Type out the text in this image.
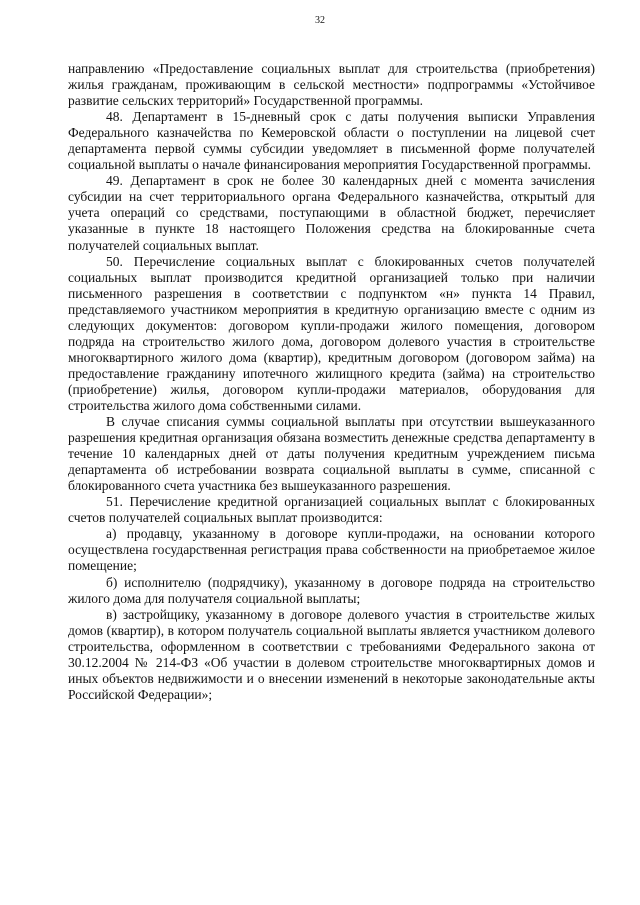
32

направлению «Предоставление социальных выплат для строительства (приобретения) жилья гражданам, проживающим в сельской местности» подпрограммы «Устойчивое развитие сельских территорий» Государственной программы.

48. Департамент в 15-дневный срок с даты получения выписки Управления Федерального казначейства по Кемеровской области о поступлении на лицевой счет департамента первой суммы субсидии уведомляет в письменной форме получателей социальной выплаты о начале финансирования мероприятия Государственной программы.

49. Департамент в срок не более 30 календарных дней с момента зачисления субсидии на счет территориального органа Федерального казначейства, открытый для учета операций со средствами, поступающими в областной бюджет, перечисляет указанные в пункте 18 настоящего Положения средства на блокированные счета получателей социальных выплат.

50. Перечисление социальных выплат с блокированных счетов получателей социальных выплат производится кредитной организацией только при наличии письменного разрешения в соответствии с подпунктом «н» пункта 14 Правил, представляемого участником мероприятия в кредитную организацию вместе с одним из следующих документов: договором купли-продажи жилого помещения, договором подряда на строительство жилого дома, договором долевого участия в строительстве многоквартирного жилого дома (квартир), кредитным договором (договором займа) на предоставление гражданину ипотечного жилищного кредита (займа) на строительство (приобретение) жилья, договором купли-продажи материалов, оборудования для строительства жилого дома собственными силами.

В случае списания суммы социальной выплаты при отсутствии вышеуказанного разрешения кредитная организация обязана возместить денежные средства департаменту в течение 10 календарных дней от даты получения кредитным учреждением письма департамента об истребовании возврата социальной выплаты в сумме, списанной с блокированного счета участника без вышеуказанного разрешения.

51. Перечисление кредитной организацией социальных выплат с блокированных счетов получателей социальных выплат производится:

а) продавцу, указанному в договоре купли-продажи, на основании которого осуществлена государственная регистрация права собственности на приобретаемое жилое помещение;

б) исполнителю (подрядчику), указанному в договоре подряда на строительство жилого дома для получателя социальной выплаты;

в) застройщику, указанному в договоре долевого участия в строительстве жилых домов (квартир), в котором получатель социальной выплаты является участником долевого строительства, оформленном в соответствии с требованиями Федерального закона от 30.12.2004 № 214-ФЗ «Об участии в долевом строительстве многоквартирных домов и иных объектов недвижимости и о внесении изменений в некоторые законодательные акты Российской Федерации»;
